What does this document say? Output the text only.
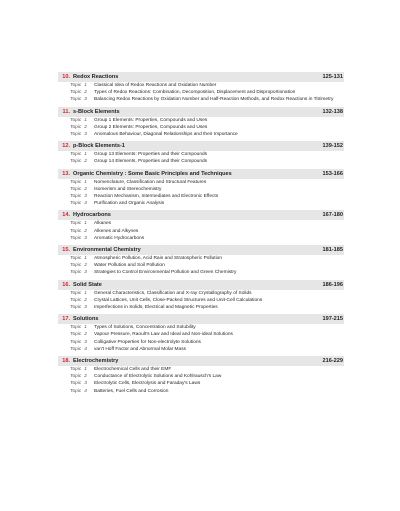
10. Redox Reactions	125-131
Topic 1	Classical Idea of Redox Reactions and Oxidation Number
Topic 2	Types of Redox Reactions: Combination, Decomposition, Displacement and Disproportionation
Topic 3	Balancing Redox Reactions by Oxidation Number and Half-Reaction Methods, and Redox Reactions in Titrimetry
11. s-Block Elements	132-138
Topic 1	Group 1 Elements: Properties, Compounds and Uses
Topic 2	Group 2 Elements: Properties, Compounds and Uses
Topic 3	Anomalous Behaviour, Diagonal Relationships and their Importance
12. p-Block Elements-1	139-152
Topic 1	Group 13 Elements: Properties and their Compounds
Topic 2	Group 14 Elements, Properties and their Compounds
13. Organic Chemistry : Some Basic Principles and Techniques	153-166
Topic 1	Nomenclature, Classification and Structural Features
Topic 2	Isomerism and Stereochemistry
Topic 3	Reaction Mechanism, Intermediates and Electronic Effects
Topic 4	Purification and Organic Analysis
14. Hydrocarbons	167-180
Topic 1	Alkanes
Topic 2	Alkenes and Alkynes
Topic 3	Aromatic Hydrocarbons
15. Environmental Chemistry	181-185
Topic 1	Atmospheric Pollution, Acid Rain and Stratospheric Pollution
Topic 2	Water Pollution and Soil Pollution
Topic 3	Strategies to Control Environmental Pollution and Green Chemistry
16. Solid State	186-196
Topic 1	General Characteristics, Classification and X-ray Crystallography of Solids
Topic 2	Crystal Lattices, Unit Cells, Close-Packed Structures and Unit-Cell Calculations
Topic 3	Imperfections in Solids, Electrical and Magnetic Properties
17. Solutions	197-215
Topic 1	Types of Solutions, Concentration and Solubility
Topic 2	Vapour Pressure, Raoult's Law and Ideal and Non-ideal Solutions
Topic 3	Colligative Properties for Non-electrolyte Solutions
Topic 4	van't Hoff Factor and Abnormal Molar Mass
18. Electrochemistry	216-229
Topic 1	Electrochemical Cells and their EMF
Topic 2	Conductance of Electrolytic Solutions and Kohlrausch's Law
Topic 3	Electrolytic Cells, Electrolysis and Faraday's Laws
Topic 4	Batteries, Fuel Cells and Corrosion
